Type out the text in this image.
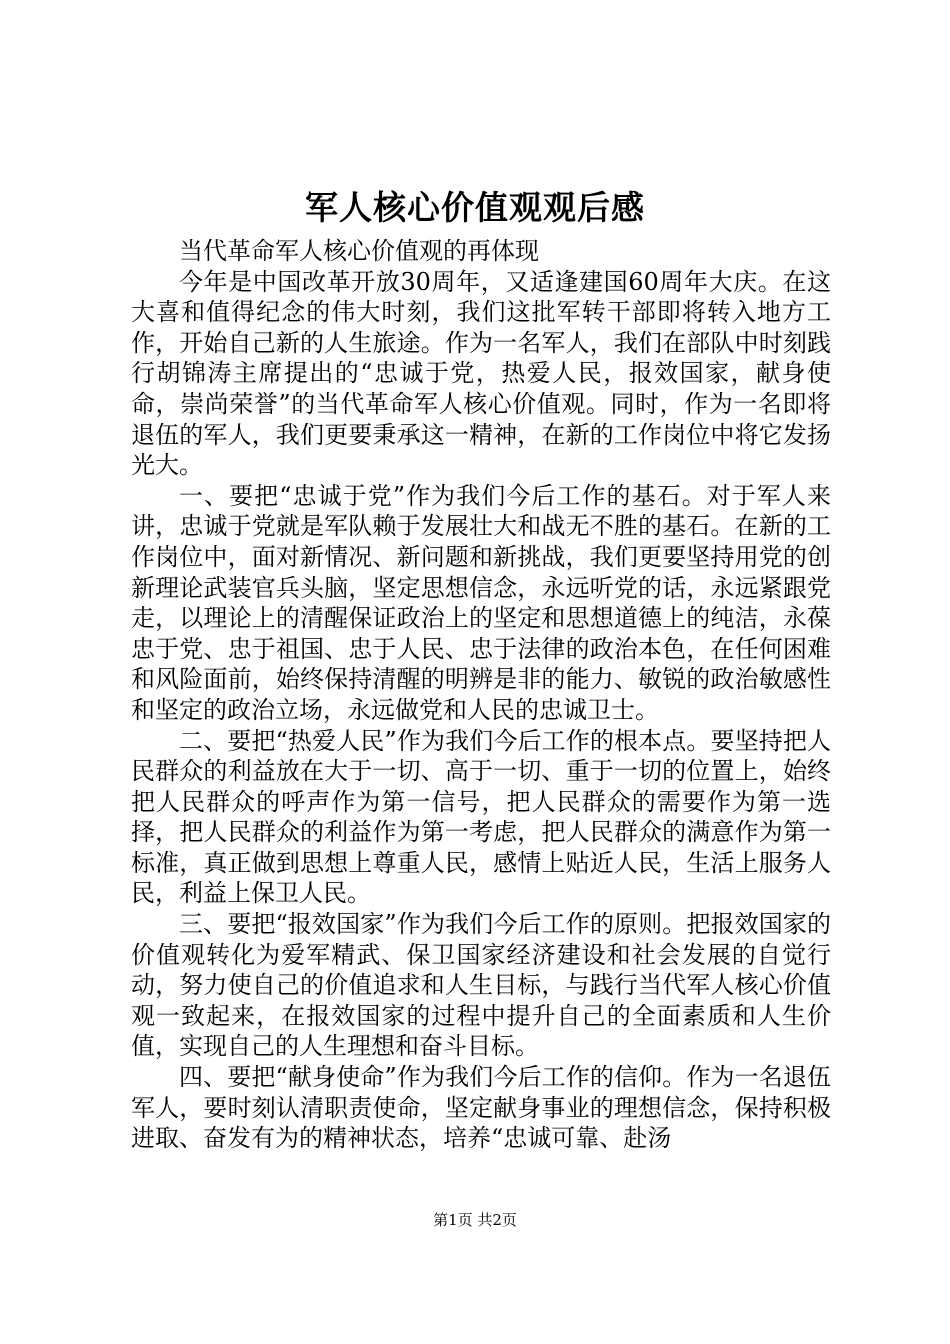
军人核心价值观观后感

当代革命军人核心价值观的再体现

今年是中国改革开放30周年，又适逢建国60周年大庆。在这大喜和值得纪念的伟大时刻，我们这批军转干部即将转入地方工作，开始自己新的人生旅途。作为一名军人，我们在部队中时刻践行胡锦涛主席提出的“忠诚于党，热爱人民，报效国家，献身使命，崇尚荣誉”的当代革命军人核心价值观。同时，作为一名即将退伍的军人，我们更要秉承这一精神，在新的工作岗位中将它发扬光大。

一、要把“忠诚于党”作为我们今后工作的基石。对于军人来讲，忠诚于党就是军队赖于发展壮大和战无不胜的基石。在新的工作岗位中，面对新情况、新问题和新挑战，我们更要坚持用党的创新理论武装官兵头脑，坚定思想信念，永远听党的话，永远紧跟党走，以理论上的清醒保证政治上的坚定和思想道德上的纯洁，永葆忠于党、忠于祖国、忠于人民、忠于法律的政治本色，在任何困难和风险面前，始终保持清醒的明辨是非的能力、敏锐的政治敏感性和坚定的政治立场，永远做党和人民的忠诚卫士。

二、要把“热爱人民”作为我们今后工作的根本点。要坚持把人民群众的利益放在大于一切、高于一切、重于一切的位置上，始终把人民群众的呼声作为第一信号，把人民群众的需要作为第一选择，把人民群众的利益作为第一考虑，把人民群众的满意作为第一标准，真正做到思想上尊重人民，感情上贴近人民，生活上服务人民，利益上保卫人民。

三、要把“报效国家”作为我们今后工作的原则。把报效国家的价值观转化为爱军精武、保卫国家经济建设和社会发展的自觉行动，努力使自己的价值追求和人生目标，与践行当代军人核心价值观一致起来，在报效国家的过程中提升自己的全面素质和人生价值，实现自己的人生理想和奋斗目标。

四、要把“献身使命”作为我们今后工作的信仰。作为一名退伍军人，要时刻认清职责使命，坚定献身事业的理想信念，保持积极进取、奋发有为的精神状态，培养“忠诚可靠、赴汤

第1页 共2页
